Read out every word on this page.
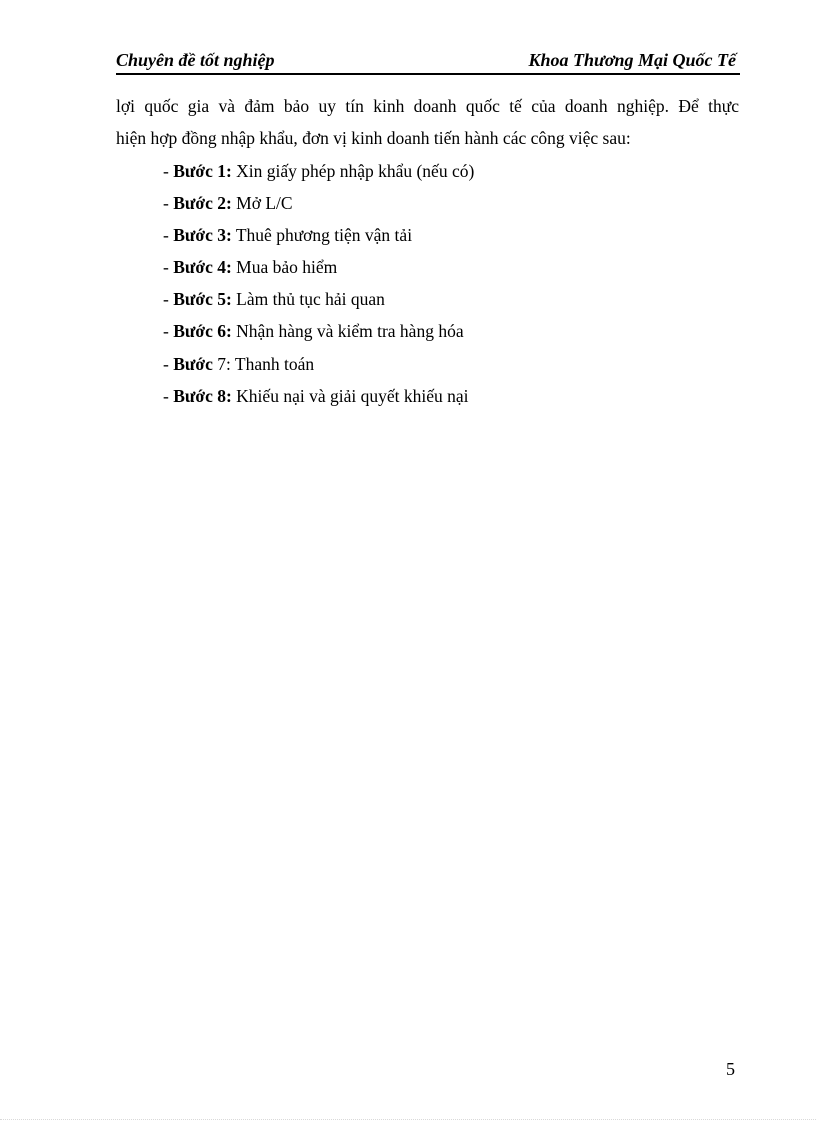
Chuyên đề tốt nghiệp	Khoa Thương Mại Quốc Tế
lợi quốc gia và đảm bảo uy tín kinh doanh quốc tế của doanh nghiệp. Để thực
hiện hợp đồng nhập khẩu, đơn vị kinh doanh tiến hành các công việc sau:
- Bước 1: Xin giấy phép nhập khẩu (nếu có)
- Bước 2: Mở L/C
- Bước 3: Thuê phương tiện vận tải
- Bước 4: Mua bảo hiểm
- Bước 5: Làm thủ tục hải quan
- Bước 6: Nhận hàng và kiểm tra hàng hóa
- Bước 7: Thanh toán
- Bước 8: Khiếu nại và giải quyết khiếu nại
5
